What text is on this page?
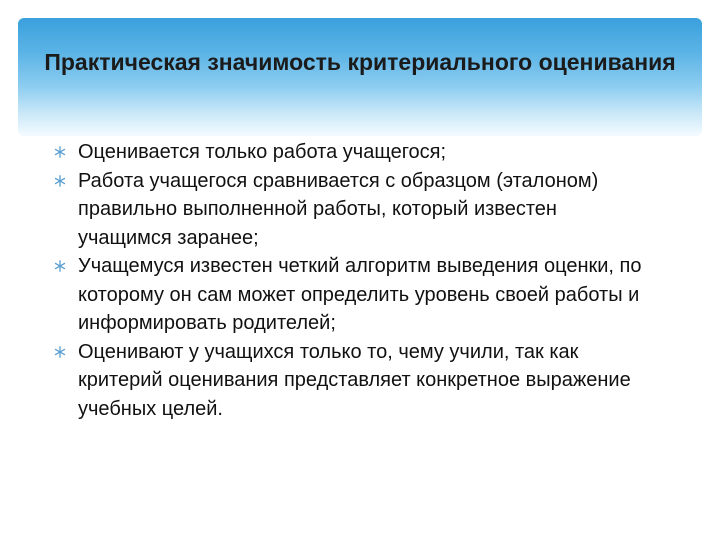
Практическая значимость критериального оценивания
Оценивается только работа учащегося;
Работа учащегося сравнивается с образцом (эталоном) правильно выполненной работы, который известен учащимся заранее;
Учащемуся известен четкий алгоритм выведения оценки, по которому он сам может определить уровень своей работы и информировать родителей;
Оценивают у учащихся только то, чему учили, так как критерий оценивания представляет конкретное выражение учебных целей.
